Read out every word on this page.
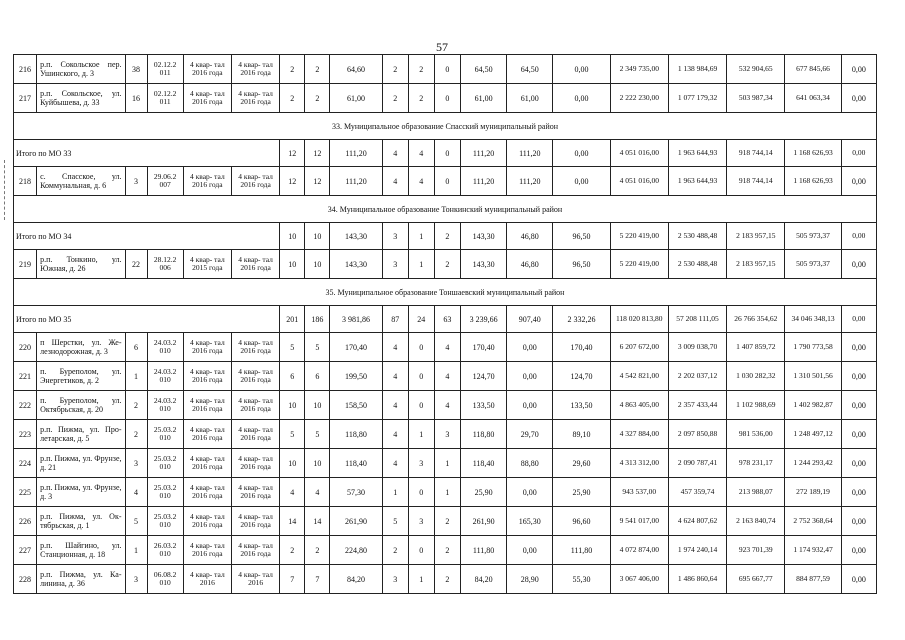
57
216	р.п. Сокольское пер. Ушинского, д. 3	38	02.12.2 011	4 квар- тал 2016 года	4 квар- тал 2016 года	2	2	64,60	2	2	0	64,50	64,50	0,00	2 349 735,00	1 138 984,69	532 904,65	677 845,66	0,00
217	р.п. Сокольское, ул. Куйбышева, д. 33	16	02.12.2 011	4 квар- тал 2016 года	4 квар- тал 2016 года	2	2	61,00	2	2	0	61,00	61,00	0,00	2 222 230,00	1 077 179,32	503 987,34	641 063,34	0,00
33. Муниципальное образование Спасский муниципальный район																			
Итого по МО 33						12	12	111,20	4	4	0	111,20	111,20	0,00	4 051 016,00	1 963 644,93	918 744,14	1 168 626,93	0,00
218	с. Спасское, ул. Коммунальная, д. 6	3	29.06.2 007	4 квар- тал 2016 года	4 квар- тал 2016 года	12	12	111,20	4	4	0	111,20	111,20	0,00	4 051 016,00	1 963 644,93	918 744,14	1 168 626,93	0,00
34. Муниципальное образование Тонкинский муниципальный район																			
Итого по МО 34						10	10	143,30	3	1	2	143,30	46,80	96,50	5 220 419,00	2 530 488,48	2 183 957,15	505 973,37	0,00
219	р.п. Тонкино, ул. Южная, д. 26	22	28.12.2 006	4 квар- тал 2015 года	4 квар- тал 2016 года	10	10	143,30	3	1	2	143,30	46,80	96,50	5 220 419,00	2 530 488,48	2 183 957,15	505 973,37	0,00
35. Муниципальное образование Тоншаевский муниципальный район																			
Итого по МО 35						201	186	3 981,86	87	24	63	3 239,66	907,40	2 332,26	118 020 813,80	57 208 111,05	26 766 354,62	34 046 348,13	0,00
220	п Шерстки, ул. Же- лезнодорожная, д. 3	6	24.03.2 010	4 квар- тал 2016 года	4 квар- тал 2016 года	5	5	170,40	4	0	4	170,40	0,00	170,40	6 207 672,00	3 009 038,70	1 407 859,72	1 790 773,58	0,00
221	п. Буреполом, ул. Энергетиков, д. 2	1	24.03.2 010	4 квар- тал 2016 года	4 квар- тал 2016 года	6	6	199,50	4	0	4	124,70	0,00	124,70	4 542 821,00	2 202 037,12	1 030 282,32	1 310 501,56	0,00
222	п. Буреполом, ул. Октябрьская, д. 20	2	24.03.2 010	4 квар- тал 2016 года	4 квар- тал 2016 года	10	10	158,50	4	0	4	133,50	0,00	133,50	4 863 405,00	2 357 433,44	1 102 988,69	1 402 982,87	0,00
223	р.п. Пижма, ул. Про- летарская, д. 5	2	25.03.2 010	4 квар- тал 2016 года	4 квар- тал 2016 года	5	5	118,80	4	1	3	118,80	29,70	89,10	4 327 884,00	2 097 850,88	981 536,00	1 248 497,12	0,00
224	р.п. Пижма, ул. Фрунзе, д. 21	3	25.03.2 010	4 квар- тал 2016 года	4 квар- тал 2016 года	10	10	118,40	4	3	1	118,40	88,80	29,60	4 313 312,00	2 090 787,41	978 231,17	1 244 293,42	0,00
225	р.п. Пижма, ул. Фрунзе, д. 3	4	25.03.2 010	4 квар- тал 2016 года	4 квар- тал 2016 года	4	4	57,30	1	0	1	25,90	0,00	25,90	943 537,00	457 359,74	213 988,07	272 189,19	0,00
226	р.п. Пижма, ул. Ок- тябрьская, д. 1	5	25.03.2 010	4 квар- тал 2016 года	4 квар- тал 2016 года	14	14	261,90	5	3	2	261,90	165,30	96,60	9 541 017,00	4 624 807,62	2 163 840,74	2 752 368,64	0,00
227	р.п. Шайгино, ул. Станционная, д. 18	1	26.03.2 010	4 квар- тал 2016 года	4 квар- тал 2016 года	2	2	224,80	2	0	2	111,80	0,00	111,80	4 072 874,00	1 974 240,14	923 701,39	1 174 932,47	0,00
228	р.п. Пижма, ул. Ка- линина, д. 36	3	06.08.2 010	4 квар- тал 2016	4 квар- тал 2016	7	7	84,20	3	1	2	84,20	28,90	55,30	3 067 406,00	1 486 860,64	695 667,77	884 877,59	0,00
